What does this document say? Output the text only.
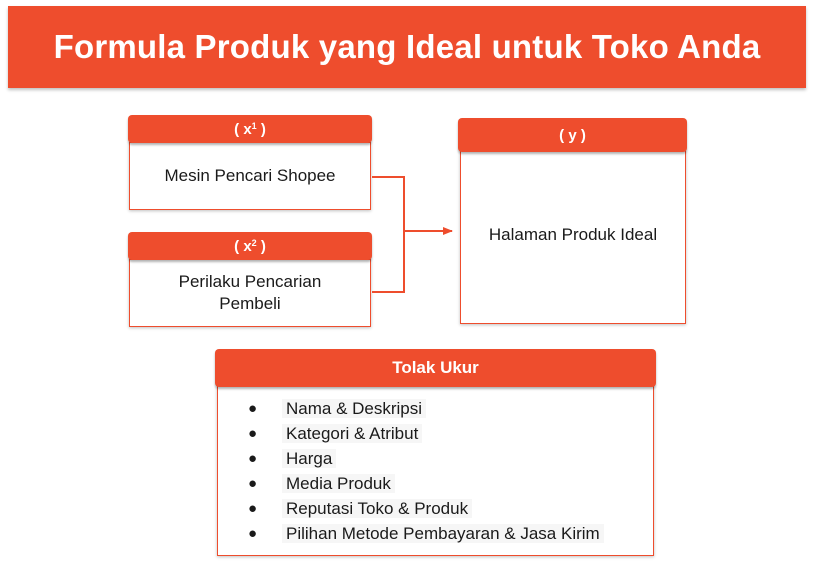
Formula Produk yang Ideal untuk Toko Anda
( $x^1$ )
Mesin Pencari Shopee
( $x^2$ )
Perilaku Pencarian
Pembeli
( y )
Halaman Produk Ideal
Tolak Ukur
● Nama & Deskripsi
● Kategori & Atribut
● Harga
● Media Produk
● Reputasi Toko & Produk
● Pilihan Metode Pembayaran & Jasa Kirim
